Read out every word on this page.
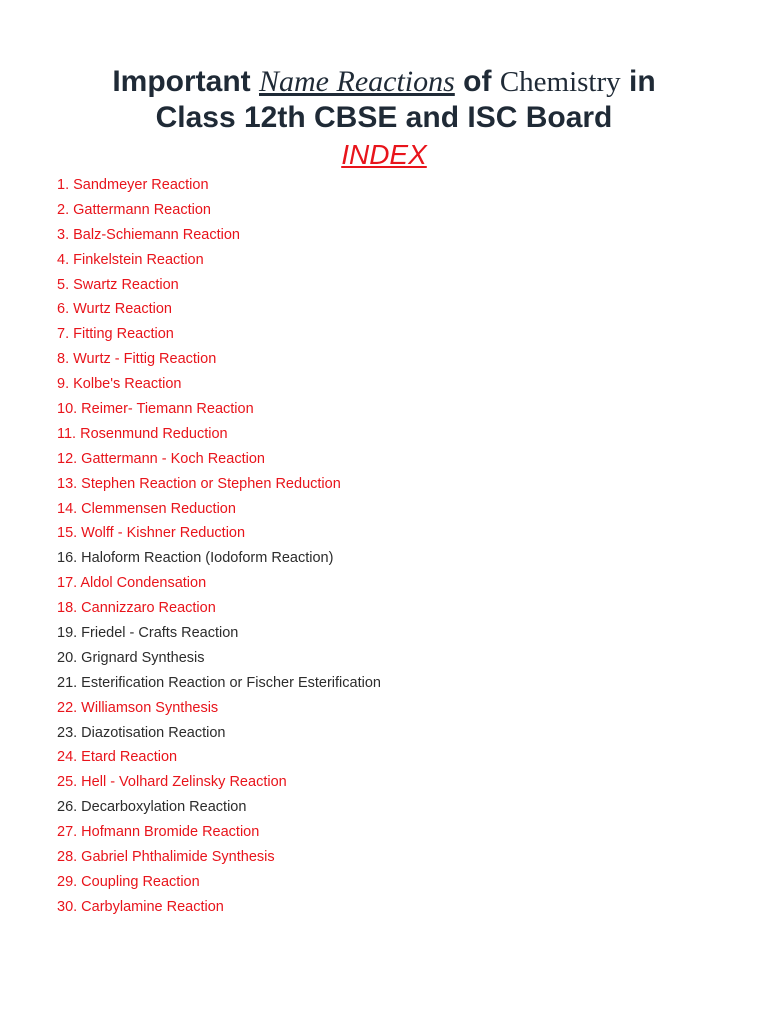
Important Name Reactions of Chemistry in
Class 12th CBSE and ISC Board
INDEX
1. Sandmeyer Reaction
2. Gattermann Reaction
3. Balz-Schiemann Reaction
4. Finkelstein Reaction
5. Swartz Reaction
6. Wurtz Reaction
7. Fitting Reaction
8. Wurtz - Fittig Reaction
9. Kolbe's Reaction
10. Reimer- Tiemann Reaction
11. Rosenmund Reduction
12. Gattermann - Koch Reaction
13. Stephen Reaction or Stephen Reduction
14. Clemmensen Reduction
15. Wolff - Kishner Reduction
16. Haloform Reaction (Iodoform Reaction)
17. Aldol Condensation
18. Cannizzaro Reaction
19. Friedel - Crafts Reaction
20. Grignard Synthesis
21. Esterification Reaction or Fischer Esterification
22. Williamson Synthesis
23. Diazotisation Reaction
24. Etard Reaction
25. Hell - Volhard Zelinsky Reaction
26. Decarboxylation Reaction
27. Hofmann Bromide Reaction
28. Gabriel Phthalimide Synthesis
29. Coupling Reaction
30. Carbylamine Reaction
